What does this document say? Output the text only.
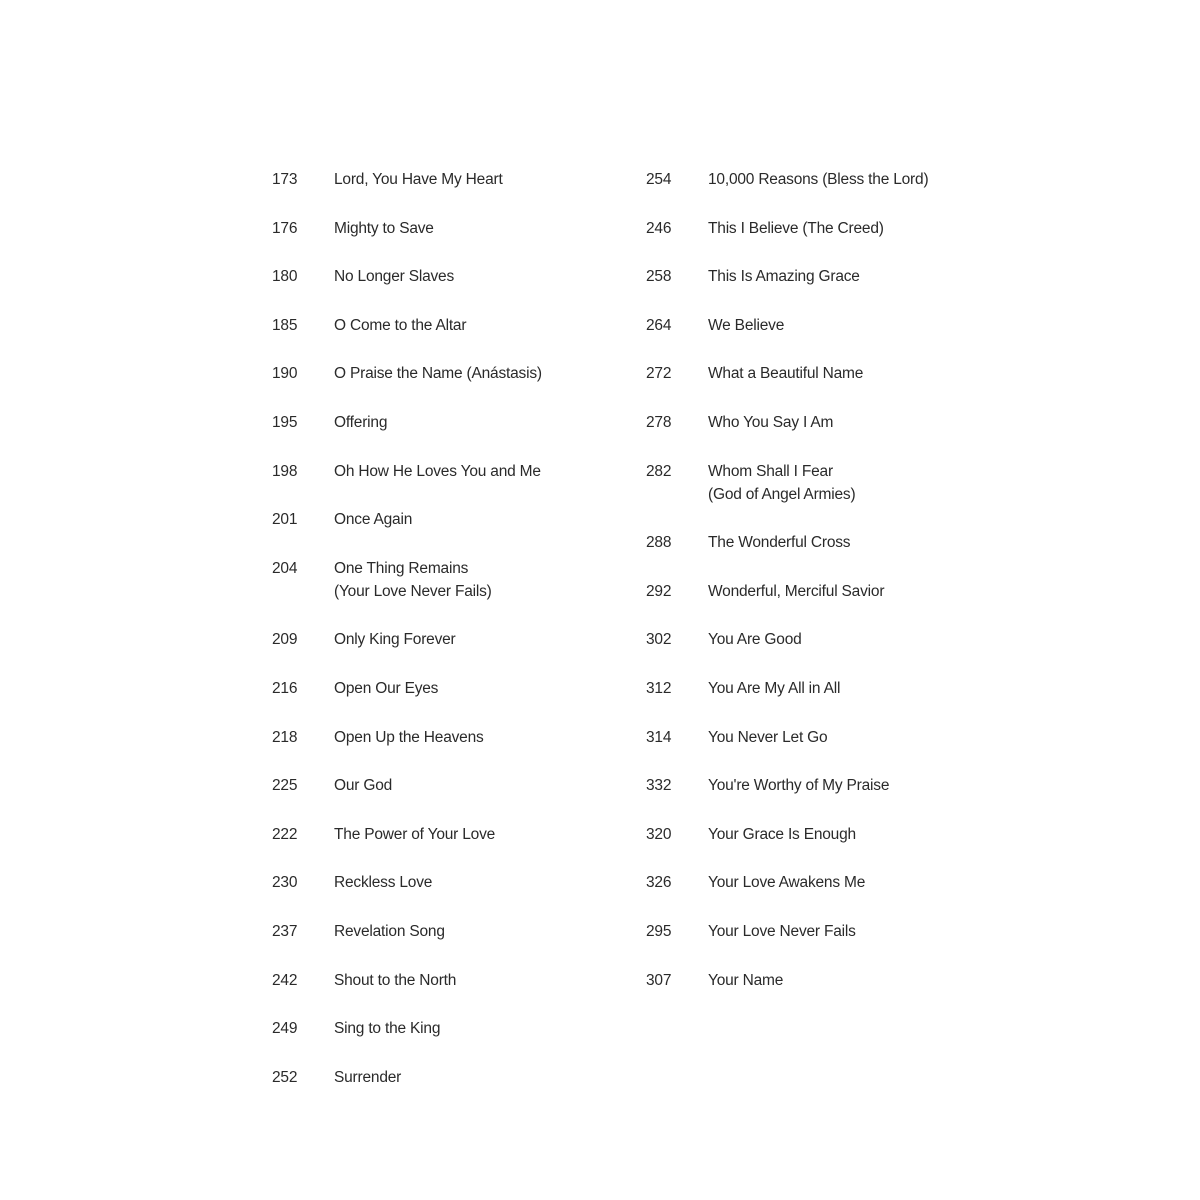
173	Lord, You Have My Heart
176	Mighty to Save
180	No Longer Slaves
185	O Come to the Altar
190	O Praise the Name (Anástasis)
195	Offering
198	Oh How He Loves You and Me
201	Once Again
204	One Thing Remains
(Your Love Never Fails)
209	Only King Forever
216	Open Our Eyes
218	Open Up the Heavens
225	Our God
222	The Power of Your Love
230	Reckless Love
237	Revelation Song
242	Shout to the North
249	Sing to the King
252	Surrender
254	10,000 Reasons (Bless the Lord)
246	This I Believe (The Creed)
258	This Is Amazing Grace
264	We Believe
272	What a Beautiful Name
278	Who You Say I Am
282	Whom Shall I Fear
(God of Angel Armies)
288	The Wonderful Cross
292	Wonderful, Merciful Savior
302	You Are Good
312	You Are My All in All
314	You Never Let Go
332	You're Worthy of My Praise
320	Your Grace Is Enough
326	Your Love Awakens Me
295	Your Love Never Fails
307	Your Name
